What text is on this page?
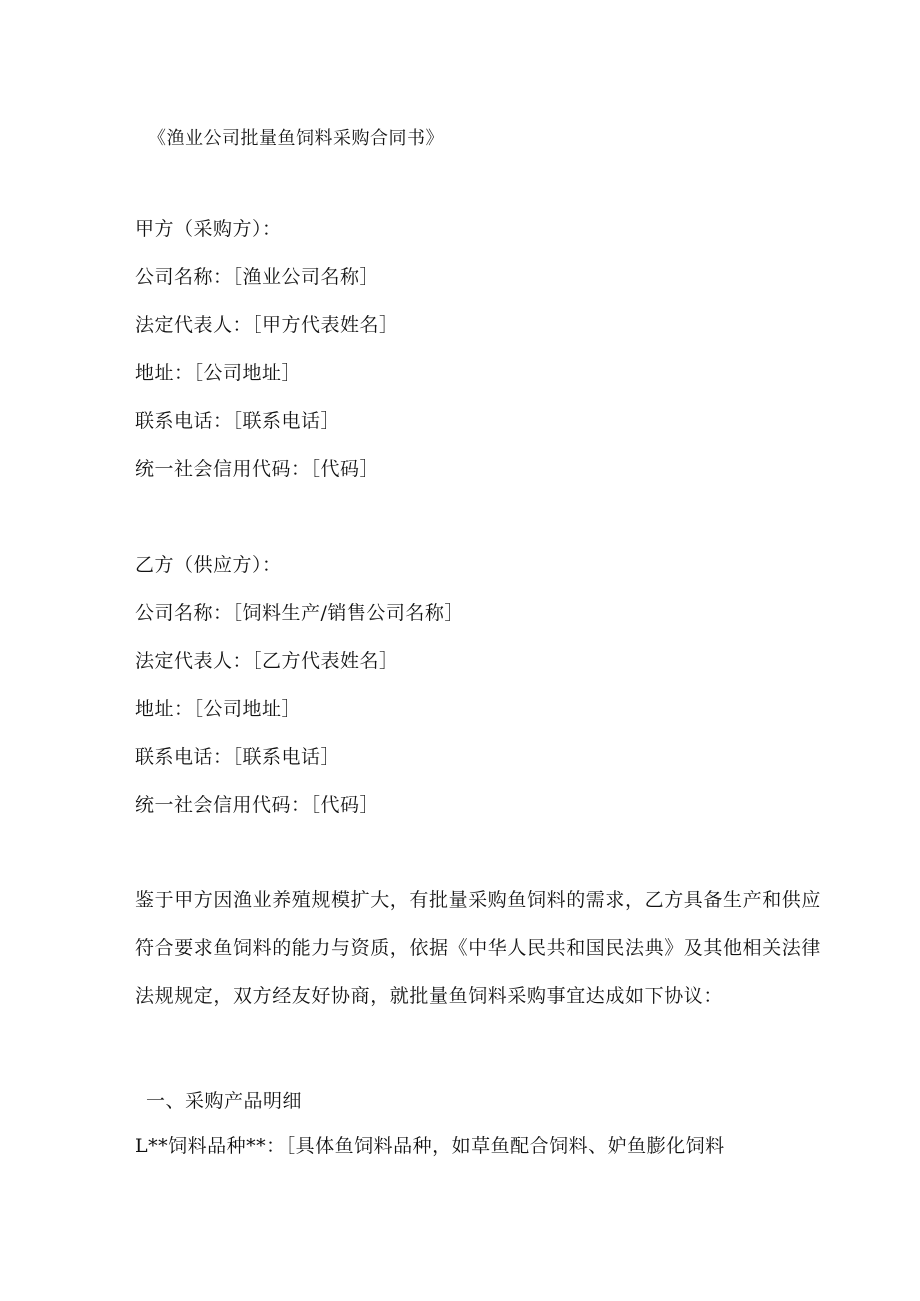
《渔业公司批量鱼饲料采购合同书》
甲方（采购方）：
公司名称：［渔业公司名称］
法定代表人：［甲方代表姓名］
地址：［公司地址］
联系电话：［联系电话］
统一社会信用代码：［代码］
乙方（供应方）：
公司名称：［饲料生产/销售公司名称］
法定代表人：［乙方代表姓名］
地址：［公司地址］
联系电话：［联系电话］
统一社会信用代码：［代码］
鉴于甲方因渔业养殖规模扩大，有批量采购鱼饲料的需求，乙方具备生产和供应
符合要求鱼饲料的能力与资质，依据《中华人民共和国民法典》及其他相关法律
法规规定，双方经友好协商，就批量鱼饲料采购事宜达成如下协议：
一、采购产品明细
L**饲料品种**：［具体鱼饲料品种，如草鱼配合饲料、妒鱼膨化饲料
